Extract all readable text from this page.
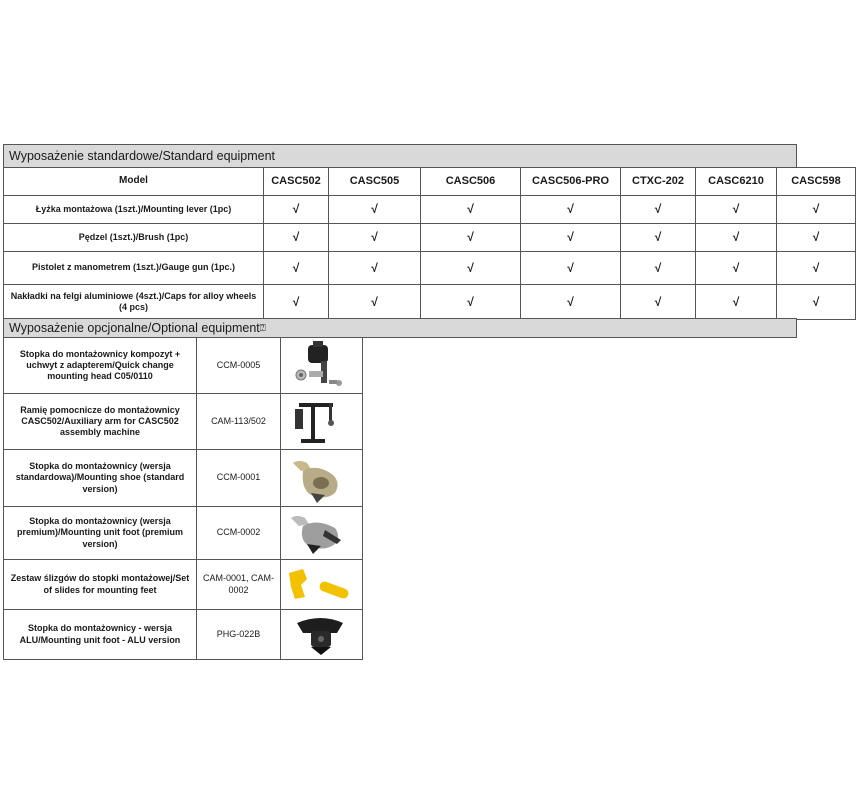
Wyposażenie standardowe/Standard equipment
Model	CASC502	CASC505	CASC506	CASC506-PRO	CTXC-202	CASC6210	CASC598
Łyżka montażowa (1szt.)/Mounting lever (1pc)	√	√	√	√	√	√	√
Pędzel (1szt.)/Brush (1pc)	√	√	√	√	√	√	√
Pistolet z manometrem (1szt.)/Gauge gun (1pc.)	√	√	√	√	√	√	√
Nakładki na felgi aluminiowe (4szt.)/Caps for alloy wheels (4 pcs)	√	√	√	√	√	√	√
Wyposażenie opcjonalne/Optional equipment ⍰
Stopka do montażownicy kompozyt + uchwyt z adapterem/Quick change mounting head C05/0110	CCM-0005	

Ramię pomocnicze do montażownicy CASC502/Auxiliary arm for CASC502 assembly machine	CAM-113/502	

Stopka do montażownicy (wersja standardowa)/Mounting shoe (standard version)	CCM-0001	

Stopka do montażownicy (wersja premium)/Mounting unit foot (premium version)	CCM-0002	

Zestaw ślizgów do stopki montażowej/Set of slides for mounting feet	CAM-0001, CAM-0002	

Stopka do montażownicy - wersja ALU/Mounting unit foot - ALU version	PHG-022B	
